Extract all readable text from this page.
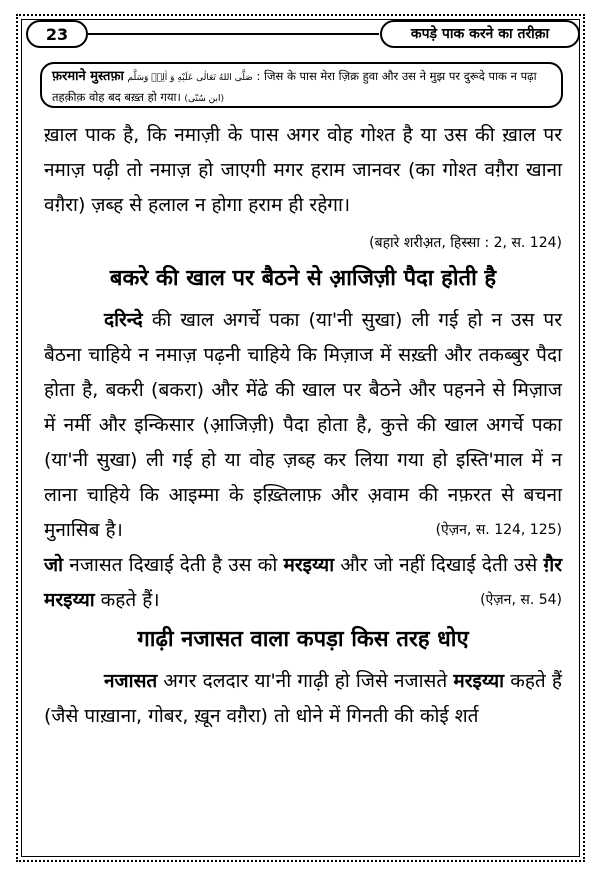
23	कपड़े पाक करने का तरीक़ा
फ़रमाने मुस्तफ़ा صَلَّى اللهُ تَعَالٰى عَلَيْهِ وَ اٰلِهٖ وَسَلَّم : जिस के पास मेरा ज़िक्र हुवा और उस ने मुझ पर दुरूदे पाक न पढ़ा तहक़ीक़ वोह बद बख़्त हो गया। (ابن سُنّی)

ख़ाल पाक है, कि नमाज़ी के पास अगर वोह गोश्त है या उस की ख़ाल पर नमाज़ पढ़ी तो नमाज़ हो जाएगी मगर हराम जानवर (का गोश्त वग़ैरा खाना वग़ैरा) ज़ब्ह से हलाल न होगा हराम ही रहेगा।

(बहारे शरीअ़त, हिस्सा : 2, स. 124)
बकरे की खाल पर बैठने से आ़जिज़ी पैदा होती है

दरिन्दे की खाल अगर्चे पका (या'नी सुखा) ली गई हो न उस पर बैठना चाहिये न नमाज़ पढ़नी चाहिये कि मिज़ाज में सख़्ती और तकब्बुर पैदा होता है, बकरी (बकरा) और मेंढे की खाल पर बैठने और पहनने से मिज़ाज में नर्मी और इन्किसार (आ़जिज़ी) पैदा होता है, कुत्ते की खाल अगर्चे पका (या'नी सुखा) ली गई हो या वोह ज़ब्ह कर लिया गया हो इस्ति'माल में न लाना चाहिये कि आइम्मा के इख़्तिलाफ़ और अ़वाम की नफ़रत से बचना मुनासिब है।	(ऐज़न, स. 124, 125)

जो नजासत दिखाई देती है उस को मरइय्या और जो नहीं दिखाई देती उसे ग़ैर मरइय्या कहते हैं।	(ऐज़न, स. 54)

गाढ़ी नजासत वाला कपड़ा किस तरह धोए

नजासत अगर दलदार या'नी गाढ़ी हो जिसे नजासते मरइय्या कहते हैं (जैसे पाख़ाना, गोबर, ख़ून वग़ैरा) तो धोने में गिनती की कोई शर्त
